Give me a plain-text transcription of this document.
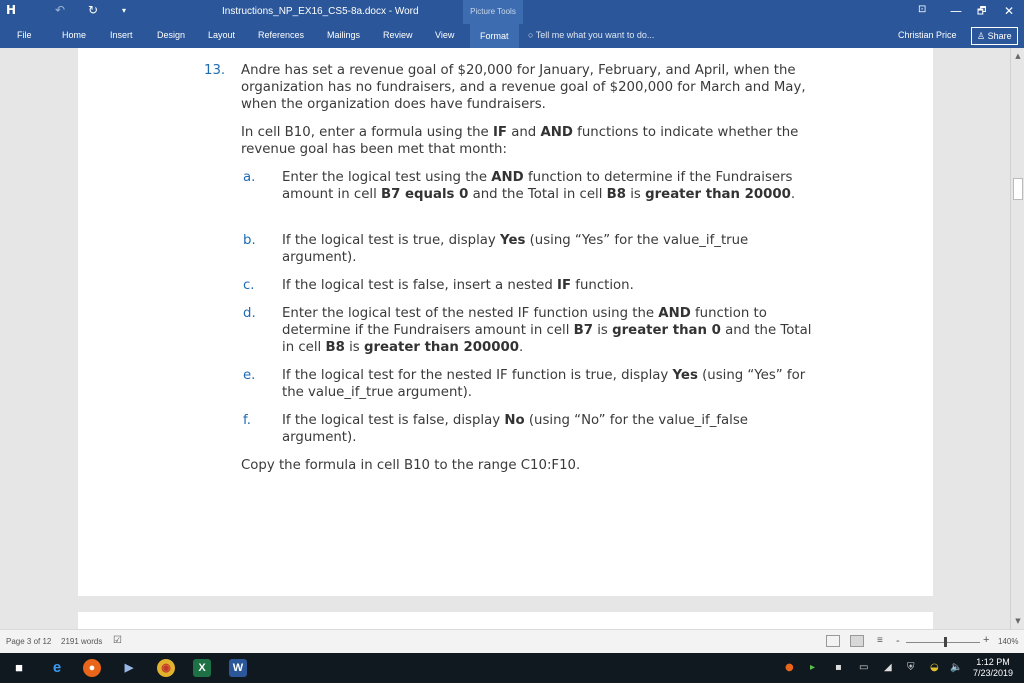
H	↶ ↻	▾	Instructions_NP_EX16_CS5-8a.docx - Word	Picture Tools	⊡ — 🗗 ✕
File	Home	Insert	Design	Layout	References	Mailings	Review View	Format	○ Tell me what you want to do...	Christian Price	♙ Share
13. Andre has set a revenue goal of $20,000 for January, February, and April, when the organization has no fundraisers, and a revenue goal of $200,000 for March and May, when the organization does have fundraisers.
In cell B10, enter a formula using the IF and AND functions to indicate whether the revenue goal has been met that month:
a. Enter the logical test using the AND function to determine if the Fundraisers amount in cell B7 equals 0 and the Total in cell B8 is greater than 20000.
b. If the logical test is true, display Yes (using “Yes” for the value_if_true argument).
c. If the logical test is false, insert a nested IF function.
d. Enter the logical test of the nested IF function using the AND function to determine if the Fundraisers amount in cell B7 is greater than 0 and the Total in cell B8 is greater than 200000.
e. If the logical test for the nested IF function is true, display Yes (using “Yes” for the value_if_true argument).
f. If the logical test is false, display No (using “No” for the value_if_false argument).
Copy the formula in cell B10 to the range C10:F10.
▲
▼
Page 3 of 12 2191 words ☑	≡ -	+ 140%
■	e	●	▶	◉	X	W	● ▸ ▪ ▭ ◢ ⛨ ◒ 🔈	1:12 PM
7/23/2019
